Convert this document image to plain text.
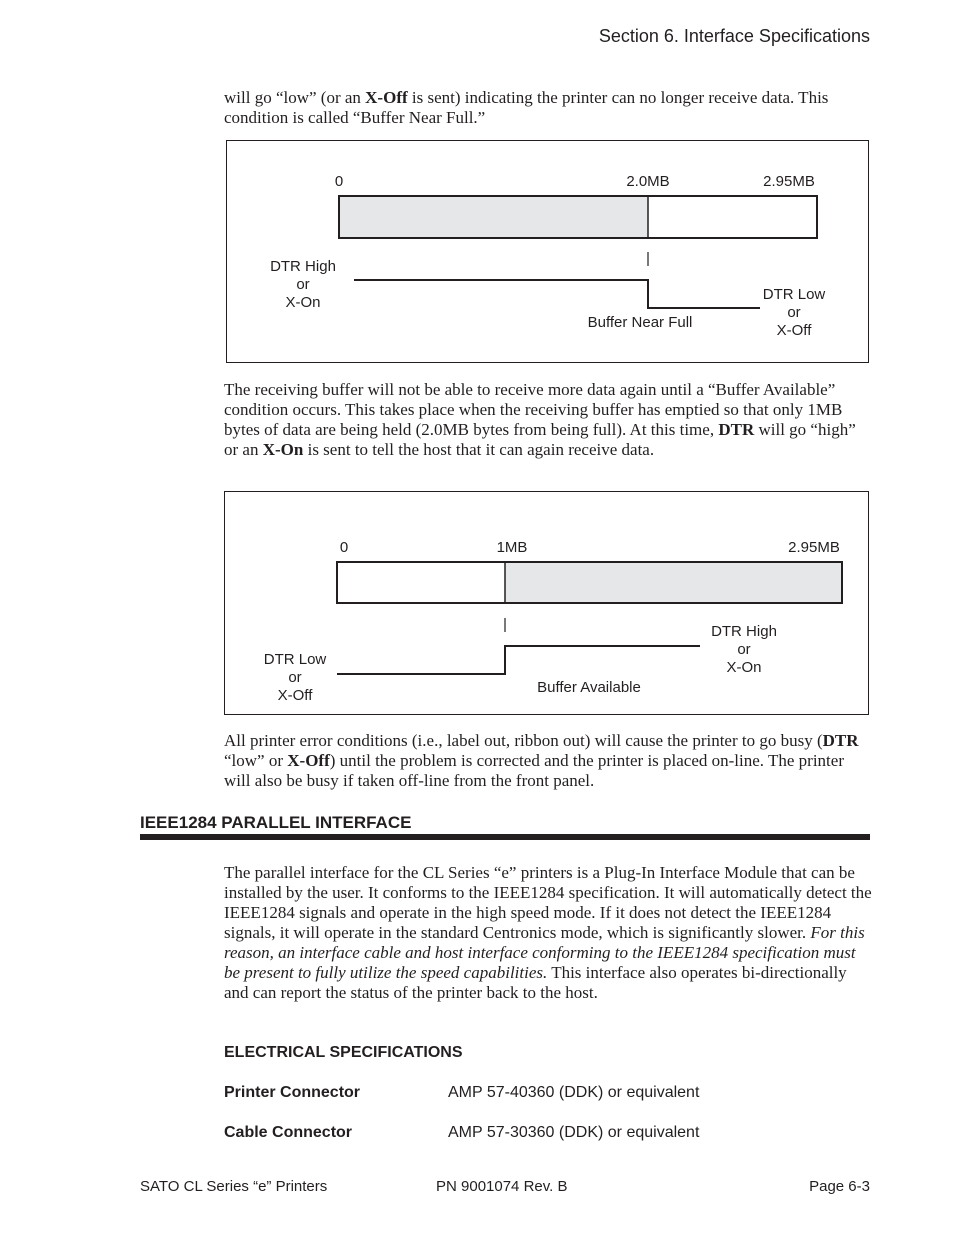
Section 6. Interface Specifications
will go “low” (or an X-Off is sent) indicating the printer can no longer receive data. This condition is called “Buffer Near Full.”
0	2.0MB	2.95MB
DTR High
or
X-On	DTR Low
or
X-Off
Buffer Near Full
The receiving buffer will not be able to receive more data again until a “Buffer Available” condition occurs. This takes place when the receiving buffer has emptied so that only 1MB bytes of data are being held (2.0MB bytes from being full). At this time, DTR will go “high” or an X-On is sent to tell the host that it can again receive data.
0	1MB	2.95MB
DTR Low
or
X-Off
DTR High
or
X-On
Buffer Available
All printer error conditions (i.e., label out, ribbon out) will cause the printer to go busy (DTR “low” or X-Off) until the problem is corrected and the printer is placed on-line. The printer will also be busy if taken off-line from the front panel.
IEEE1284 PARALLEL INTERFACE
The parallel interface for the CL Series “e” printers is a Plug-In Interface Module that can be installed by the user. It conforms to the IEEE1284 specification. It will automatically detect the IEEE1284 signals and operate in the high speed mode. If it does not detect the IEEE1284 signals, it will operate in the standard Centronics mode, which is significantly slower. For this reason, an interface cable and host interface conforming to the IEEE1284 specification must be present to fully utilize the speed capabilities. This interface also operates bi-directionally and can report the status of the printer back to the host.
ELECTRICAL SPECIFICATIONS
Printer Connector	AMP 57-40360 (DDK) or equivalent
Cable Connector	AMP 57-30360 (DDK) or equivalent
SATO CL Series “e” Printers	PN 9001074 Rev. B	Page 6-3
